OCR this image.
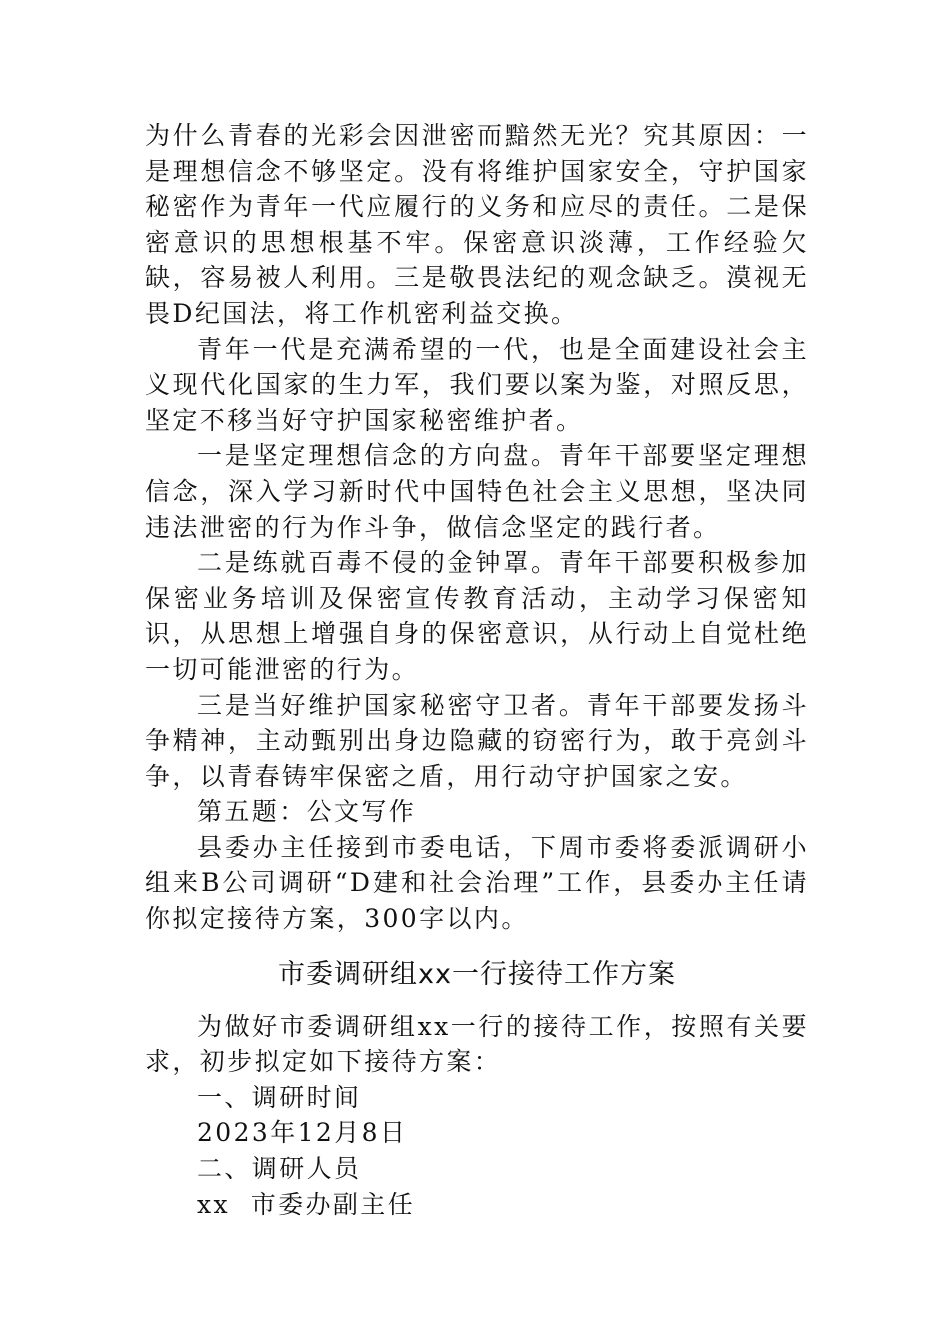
为什么青春的光彩会因泄密而黯然无光？究其原因：一是理想信念不够坚定。没有将维护国家安全，守护国家秘密作为青年一代应履行的义务和应尽的责任。二是保密意识的思想根基不牢。保密意识淡薄，工作经验欠缺，容易被人利用。三是敬畏法纪的观念缺乏。漠视无畏D纪国法，将工作机密利益交换。

青年一代是充满希望的一代，也是全面建设社会主义现代化国家的生力军，我们要以案为鉴，对照反思，坚定不移当好守护国家秘密维护者。

一是坚定理想信念的方向盘。青年干部要坚定理想信念，深入学习新时代中国特色社会主义思想，坚决同违法泄密的行为作斗争，做信念坚定的践行者。

二是练就百毒不侵的金钟罩。青年干部要积极参加保密业务培训及保密宣传教育活动，主动学习保密知识，从思想上增强自身的保密意识，从行动上自觉杜绝一切可能泄密的行为。

三是当好维护国家秘密守卫者。青年干部要发扬斗争精神，主动甄别出身边隐藏的窃密行为，敢于亮剑斗争，以青春铸牢保密之盾，用行动守护国家之安。

第五题：公文写作

县委办主任接到市委电话，下周市委将委派调研小组来B公司调研“D建和社会治理”工作，县委办主任请你拟定接待方案，300字以内。

市委调研组xx一行接待工作方案

为做好市委调研组xx一行的接待工作，按照有关要求，初步拟定如下接待方案：

一、调研时间

2023年12月8日

二、调研人员

xx  市委办副主任
